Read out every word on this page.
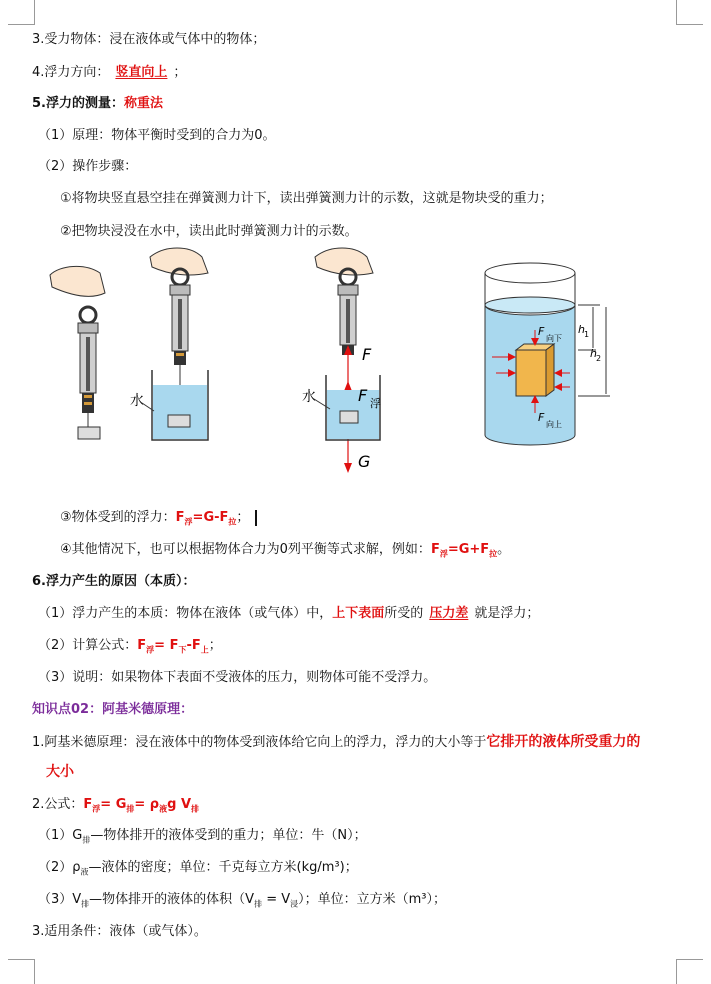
3.受力物体：浸在液体或气体中的物体；
4.浮力方向： 竖直向上 ；
5.浮力的测量：称重法
（1）原理：物体平衡时受到的合力为0。
（2）操作步骤：
①将物块竖直悬空挂在弹簧测力计下，读出弹簧测力计的示数，这就是物块受的重力；
②把物块浸没在水中，读出此时弹簧测力计的示数。
水
F
F 浮
G
水
F
向下
F
向上
h 1
h 2
③物体受到的浮力：$F_浮=G-F_拉$；
④其他情况下，也可以根据物体合力为0列平衡等式求解，例如：$F_浮=G+F_拉$。
6.浮力产生的原因（本质）：
（1）浮力产生的本质：物体在液体（或气体）中，上下表面所受的 压力差 就是浮力；
（2）计算公式：$F_浮= F_下-F_上$；
（3）说明：如果物体下表面不受液体的压力，则物体可能不受浮力。
知识点02：阿基米德原理：
1.阿基米德原理：浸在液体中的物体受到液体给它向上的浮力，浮力的大小等于它排开的液体所受重力的
大小
2.公式：$F_浮= G_排= \rho_液g$ $V_排$
$(1)G_排—$物体排开的液体受到的重力；单位：牛（N）；
$(2)\rho_液—$液体的密度；单位：千克每立方米(kg/m³)；
$(3)V_排—$物体排开的液体的体积$(V_排 = V_浸)$；单位：立方米（m³）；
3.适用条件：液体（或气体）。
